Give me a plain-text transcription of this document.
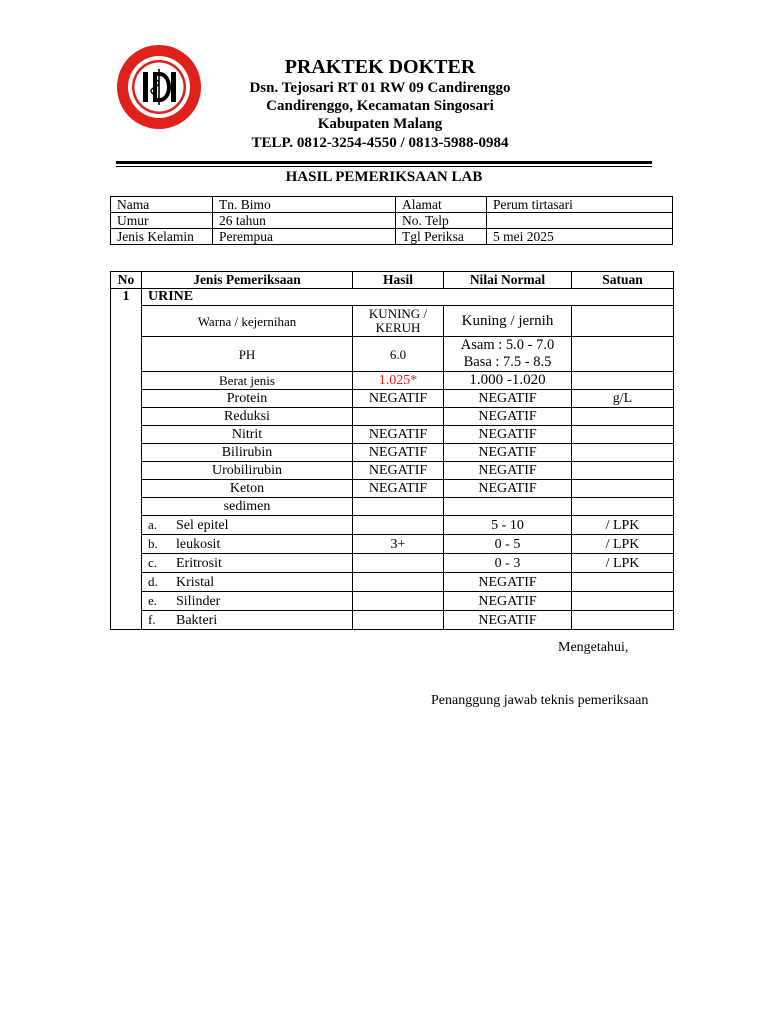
IDI
PRAKTEK DOKTER
Dsn. Tejosari RT 01 RW 09 Candirenggo
Candirenggo, Kecamatan Singosari
Kabupaten Malang
TELP. 0812-3254-4550 / 0813-5988-0984
HASIL PEMERIKSAAN LAB
Nama	Tn. Bimo	Alamat	Perum tirtasari
Umur	26 tahun	No. Telp	
Jenis Kelamin	Perempua	Tgl Periksa	5 mei 2025
No	Jenis Pemeriksaan	Hasil	Nilai Normal	Satuan
1	URINE			
	Warna / kejernihan	KUNING / KERUH	Kuning / jernih	
	PH	6.0	Asam : 5.0 - 7.0
Basa : 7.5 - 8.5	

	Berat jenis	1.025*	1.000 -1.020	
	Protein	NEGATIF	NEGATIF	g/L
	Reduksi		NEGATIF	
	Nitrit	NEGATIF	NEGATIF	
	Bilirubin	NEGATIF	NEGATIF	
	Urobilirubin	NEGATIF	NEGATIF	
	Keton	NEGATIF	NEGATIF	
	sedimen			
	a. Sel epitel		5 - 10	/ LPK
	b. leukosit	3+	0 - 5	/ LPK
	c. Eritrosit		0 - 3	/ LPK
	d. Kristal		NEGATIF	
	e. Silinder		NEGATIF	
	f. Bakteri		NEGATIF	
Mengetahui,
Penanggung jawab teknis pemeriksaan
